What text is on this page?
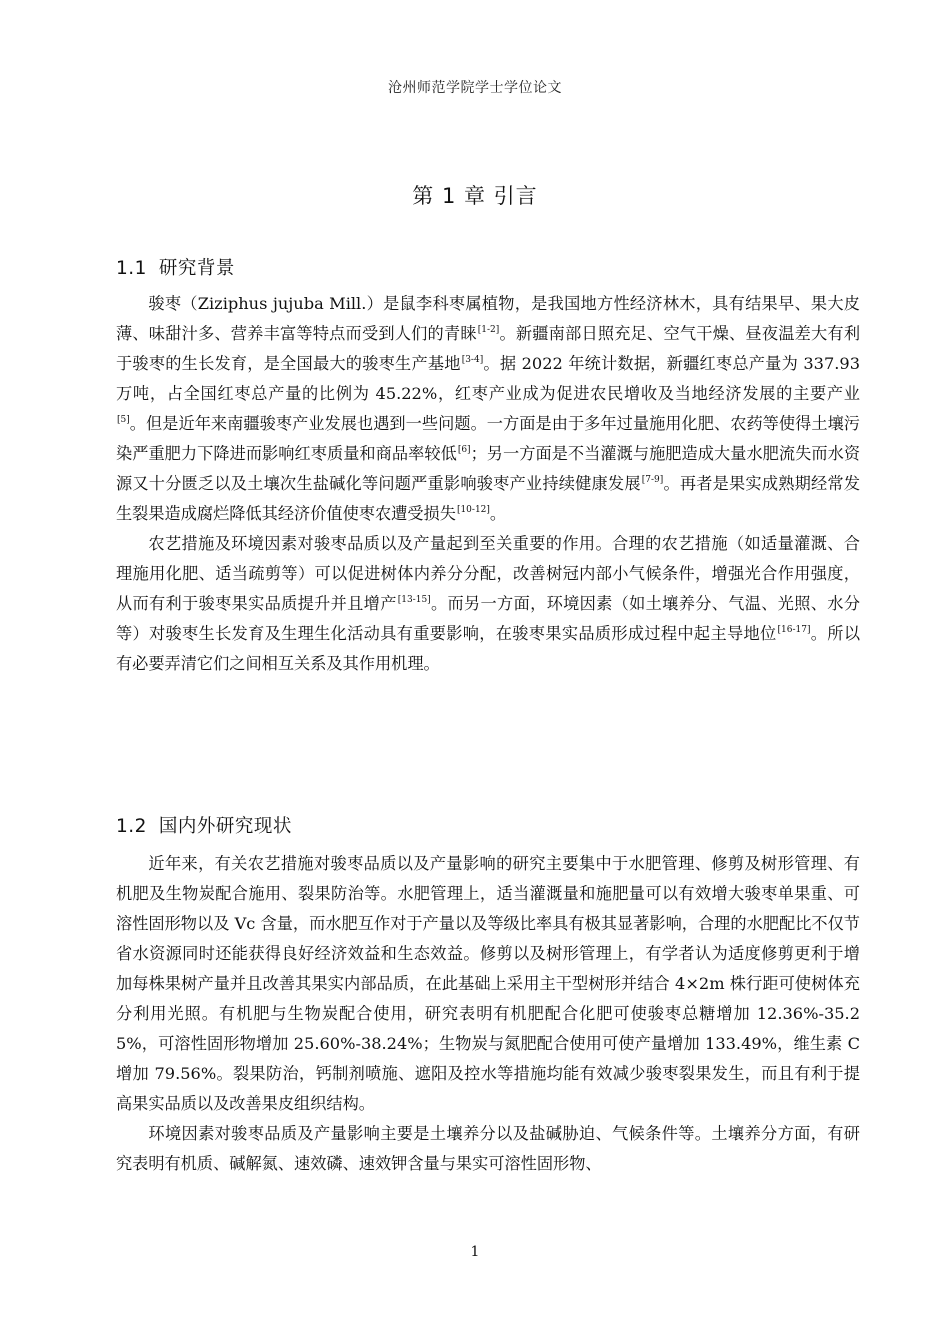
沧州师范学院学士学位论文
第 1 章 引言
1.1 研究背景

骏枣（Ziziphus jujuba Mill.）是鼠李科枣属植物，是我国地方性经济林木，具有结果早、果大皮薄、味甜汁多、营养丰富等特点而受到人们的青睐[1-2]。新疆南部日照充足、空气干燥、昼夜温差大有利于骏枣的生长发育，是全国最大的骏枣生产基地[3-4]。据 2022 年统计数据，新疆红枣总产量为 337.93 万吨，占全国红枣总产量的比例为 45.22%，红枣产业成为促进农民增收及当地经济发展的主要产业[5]。但是近年来南疆骏枣产业发展也遇到一些问题。一方面是由于多年过量施用化肥、农药等使得土壤污染严重肥力下降进而影响红枣质量和商品率较低[6]；另一方面是不当灌溉与施肥造成大量水肥流失而水资源又十分匮乏以及土壤次生盐碱化等问题严重影响骏枣产业持续健康发展[7-9]。再者是果实成熟期经常发生裂果造成腐烂降低其经济价值使枣农遭受损失[10-12]。

农艺措施及环境因素对骏枣品质以及产量起到至关重要的作用。合理的农艺措施（如适量灌溉、合理施用化肥、适当疏剪等）可以促进树体内养分分配，改善树冠内部小气候条件，增强光合作用强度，从而有利于骏枣果实品质提升并且增产[13-15]。而另一方面，环境因素（如土壤养分、气温、光照、水分等）对骏枣生长发育及生理生化活动具有重要影响，在骏枣果实品质形成过程中起主导地位[16-17]。所以有必要弄清它们之间相互关系及其作用机理。

1.2 国内外研究现状

近年来，有关农艺措施对骏枣品质以及产量影响的研究主要集中于水肥管理、修剪及树形管理、有机肥及生物炭配合施用、裂果防治等。水肥管理上，适当灌溉量和施肥量可以有效增大骏枣单果重、可溶性固形物以及 Vc 含量，而水肥互作对于产量以及等级比率具有极其显著影响，合理的水肥配比不仅节省水资源同时还能获得良好经济效益和生态效益。修剪以及树形管理上，有学者认为适度修剪更利于增加每株果树产量并且改善其果实内部品质，在此基础上采用主干型树形并结合 4×2m 株行距可使树体充分利用光照。有机肥与生物炭配合使用，研究表明有机肥配合化肥可使骏枣总糖增加 12.36%-35.25%，可溶性固形物增加 25.60%-38.24%；生物炭与氮肥配合使用可使产量增加 133.49%，维生素 C 增加 79.56%。裂果防治，钙制剂喷施、遮阳及控水等措施均能有效减少骏枣裂果发生，而且有利于提高果实品质以及改善果皮组织结构。

环境因素对骏枣品质及产量影响主要是土壤养分以及盐碱胁迫、气候条件等。土壤养分方面，有研究表明有机质、碱解氮、速效磷、速效钾含量与果实可溶性固形物、

1
